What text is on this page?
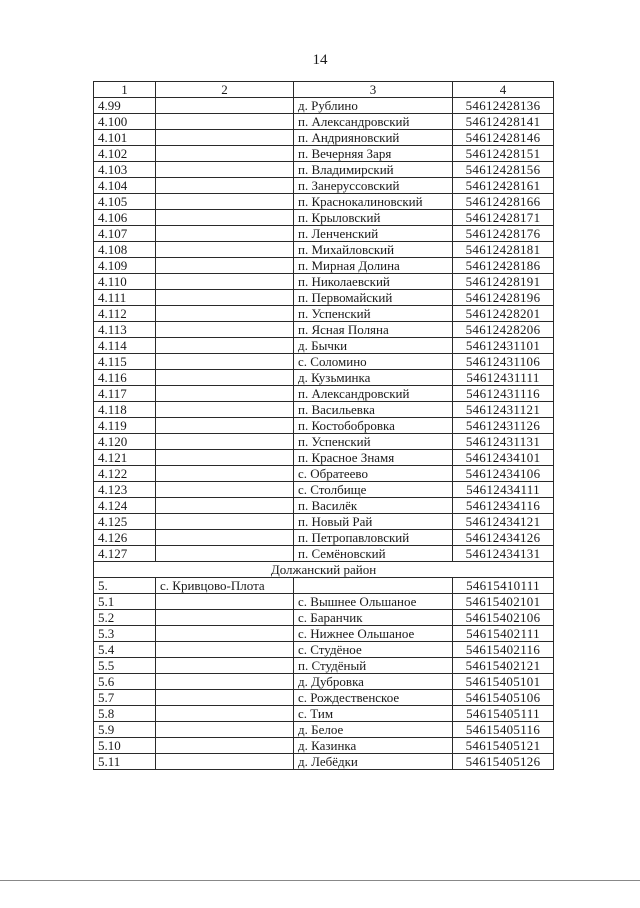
14
1	2	3	4
4.99		д. Рублино	54612428136
4.100		п. Александровский	54612428141
4.101		п. Андрияновский	54612428146
4.102		п. Вечерняя Заря	54612428151
4.103		п. Владимирский	54612428156
4.104		п. Занеруссовский	54612428161
4.105		п. Краснокалиновский	54612428166
4.106		п. Крыловский	54612428171
4.107		п. Ленченский	54612428176
4.108		п. Михайловский	54612428181
4.109		п. Мирная Долина	54612428186
4.110		п. Николаевский	54612428191
4.111		п. Первомайский	54612428196
4.112		п. Успенский	54612428201
4.113		п. Ясная Поляна	54612428206
4.114		д. Бычки	54612431101
4.115		с. Соломино	54612431106
4.116		д. Кузьминка	54612431111
4.117		п. Александровский	54612431116
4.118		п. Васильевка	54612431121
4.119		п. Костобобровка	54612431126
4.120		п. Успенский	54612431131
4.121		п. Красное Знамя	54612434101
4.122		с. Обратеево	54612434106
4.123		с. Столбище	54612434111
4.124		п. Василёк	54612434116
4.125		п. Новый Рай	54612434121
4.126		п. Петропавловский	54612434126
4.127		п. Семёновский	54612434131
Должанский район			
5.	с. Кривцово-Плота		54615410111
5.1		с. Вышнее Ольшаное	54615402101
5.2		с. Баранчик	54615402106
5.3		с. Нижнее Ольшаное	54615402111
5.4		с. Студёное	54615402116
5.5		п. Студёный	54615402121
5.6		д. Дубровка	54615405101
5.7		с. Рождественское	54615405106
5.8		с. Тим	54615405111
5.9		д. Белое	54615405116
5.10		д. Казинка	54615405121
5.11		д. Лебёдки	54615405126
